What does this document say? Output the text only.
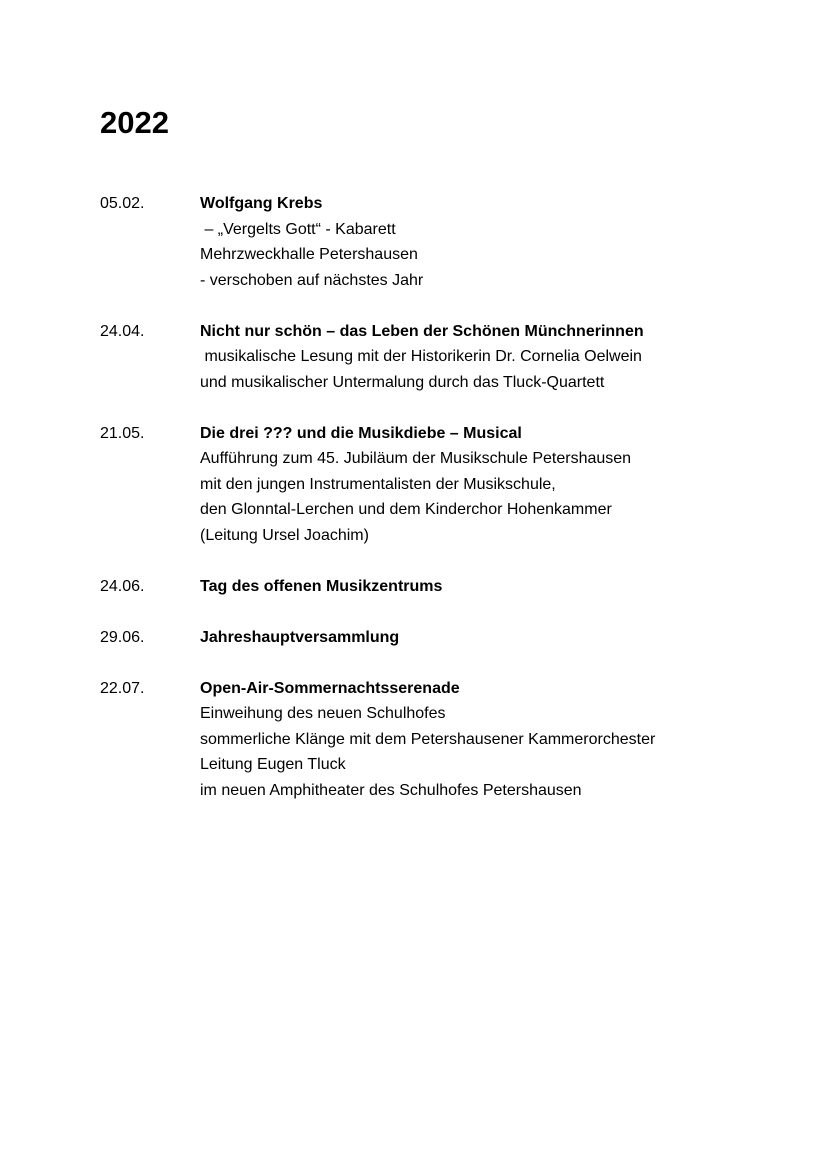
2022
05.02.	Wolfgang Krebs
– „Vergelts Gott“ - Kabarett
Mehrzweckhalle Petershausen
- verschoben auf nächstes Jahr
24.04.	Nicht nur schön – das Leben der Schönen Münchnerinnen
musikalische Lesung mit der Historikerin Dr. Cornelia Oelwein
und musikalischer Untermalung durch das Tluck-Quartett
21.05.	Die drei ??? und die Musikdiebe – Musical
Aufführung zum 45. Jubiläum der Musikschule Petershausen
mit den jungen Instrumentalisten der Musikschule,
den Glonntal-Lerchen und dem Kinderchor Hohenkammer
(Leitung Ursel Joachim)
24.06.	Tag des offenen Musikzentrums
29.06.	Jahreshauptversammlung
22.07.	Open-Air-Sommernachtsserenade
Einweihung des neuen Schulhofes
sommerliche Klänge mit dem Petershausener Kammerorchester
Leitung Eugen Tluck
im neuen Amphitheater des Schulhofes Petershausen
